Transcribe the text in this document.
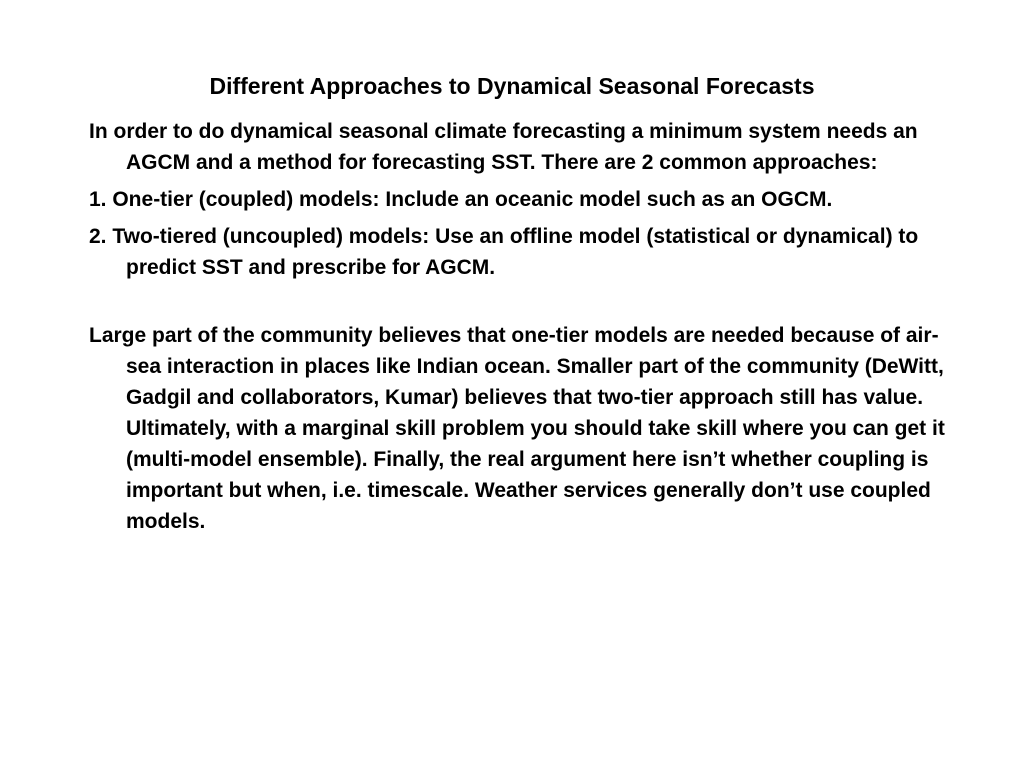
Different Approaches to Dynamical Seasonal Forecasts

In order to do dynamical seasonal climate forecasting a minimum system needs an AGCM and a method for forecasting SST. There are 2 common approaches:

1. One-tier (coupled) models: Include an oceanic model such as an OGCM.

2. Two-tiered (uncoupled) models: Use an offline model (statistical or dynamical) to predict SST and prescribe for AGCM.

Large part of the community believes that one-tier models are needed because of air-sea interaction in places like Indian ocean. Smaller part of the community (DeWitt, Gadgil and collaborators, Kumar) believes that two-tier approach still has value. Ultimately, with a marginal skill problem you should take skill where you can get it (multi-model ensemble). Finally, the real argument here isn’t whether coupling is important but when, i.e. timescale. Weather services generally don’t use coupled models.
